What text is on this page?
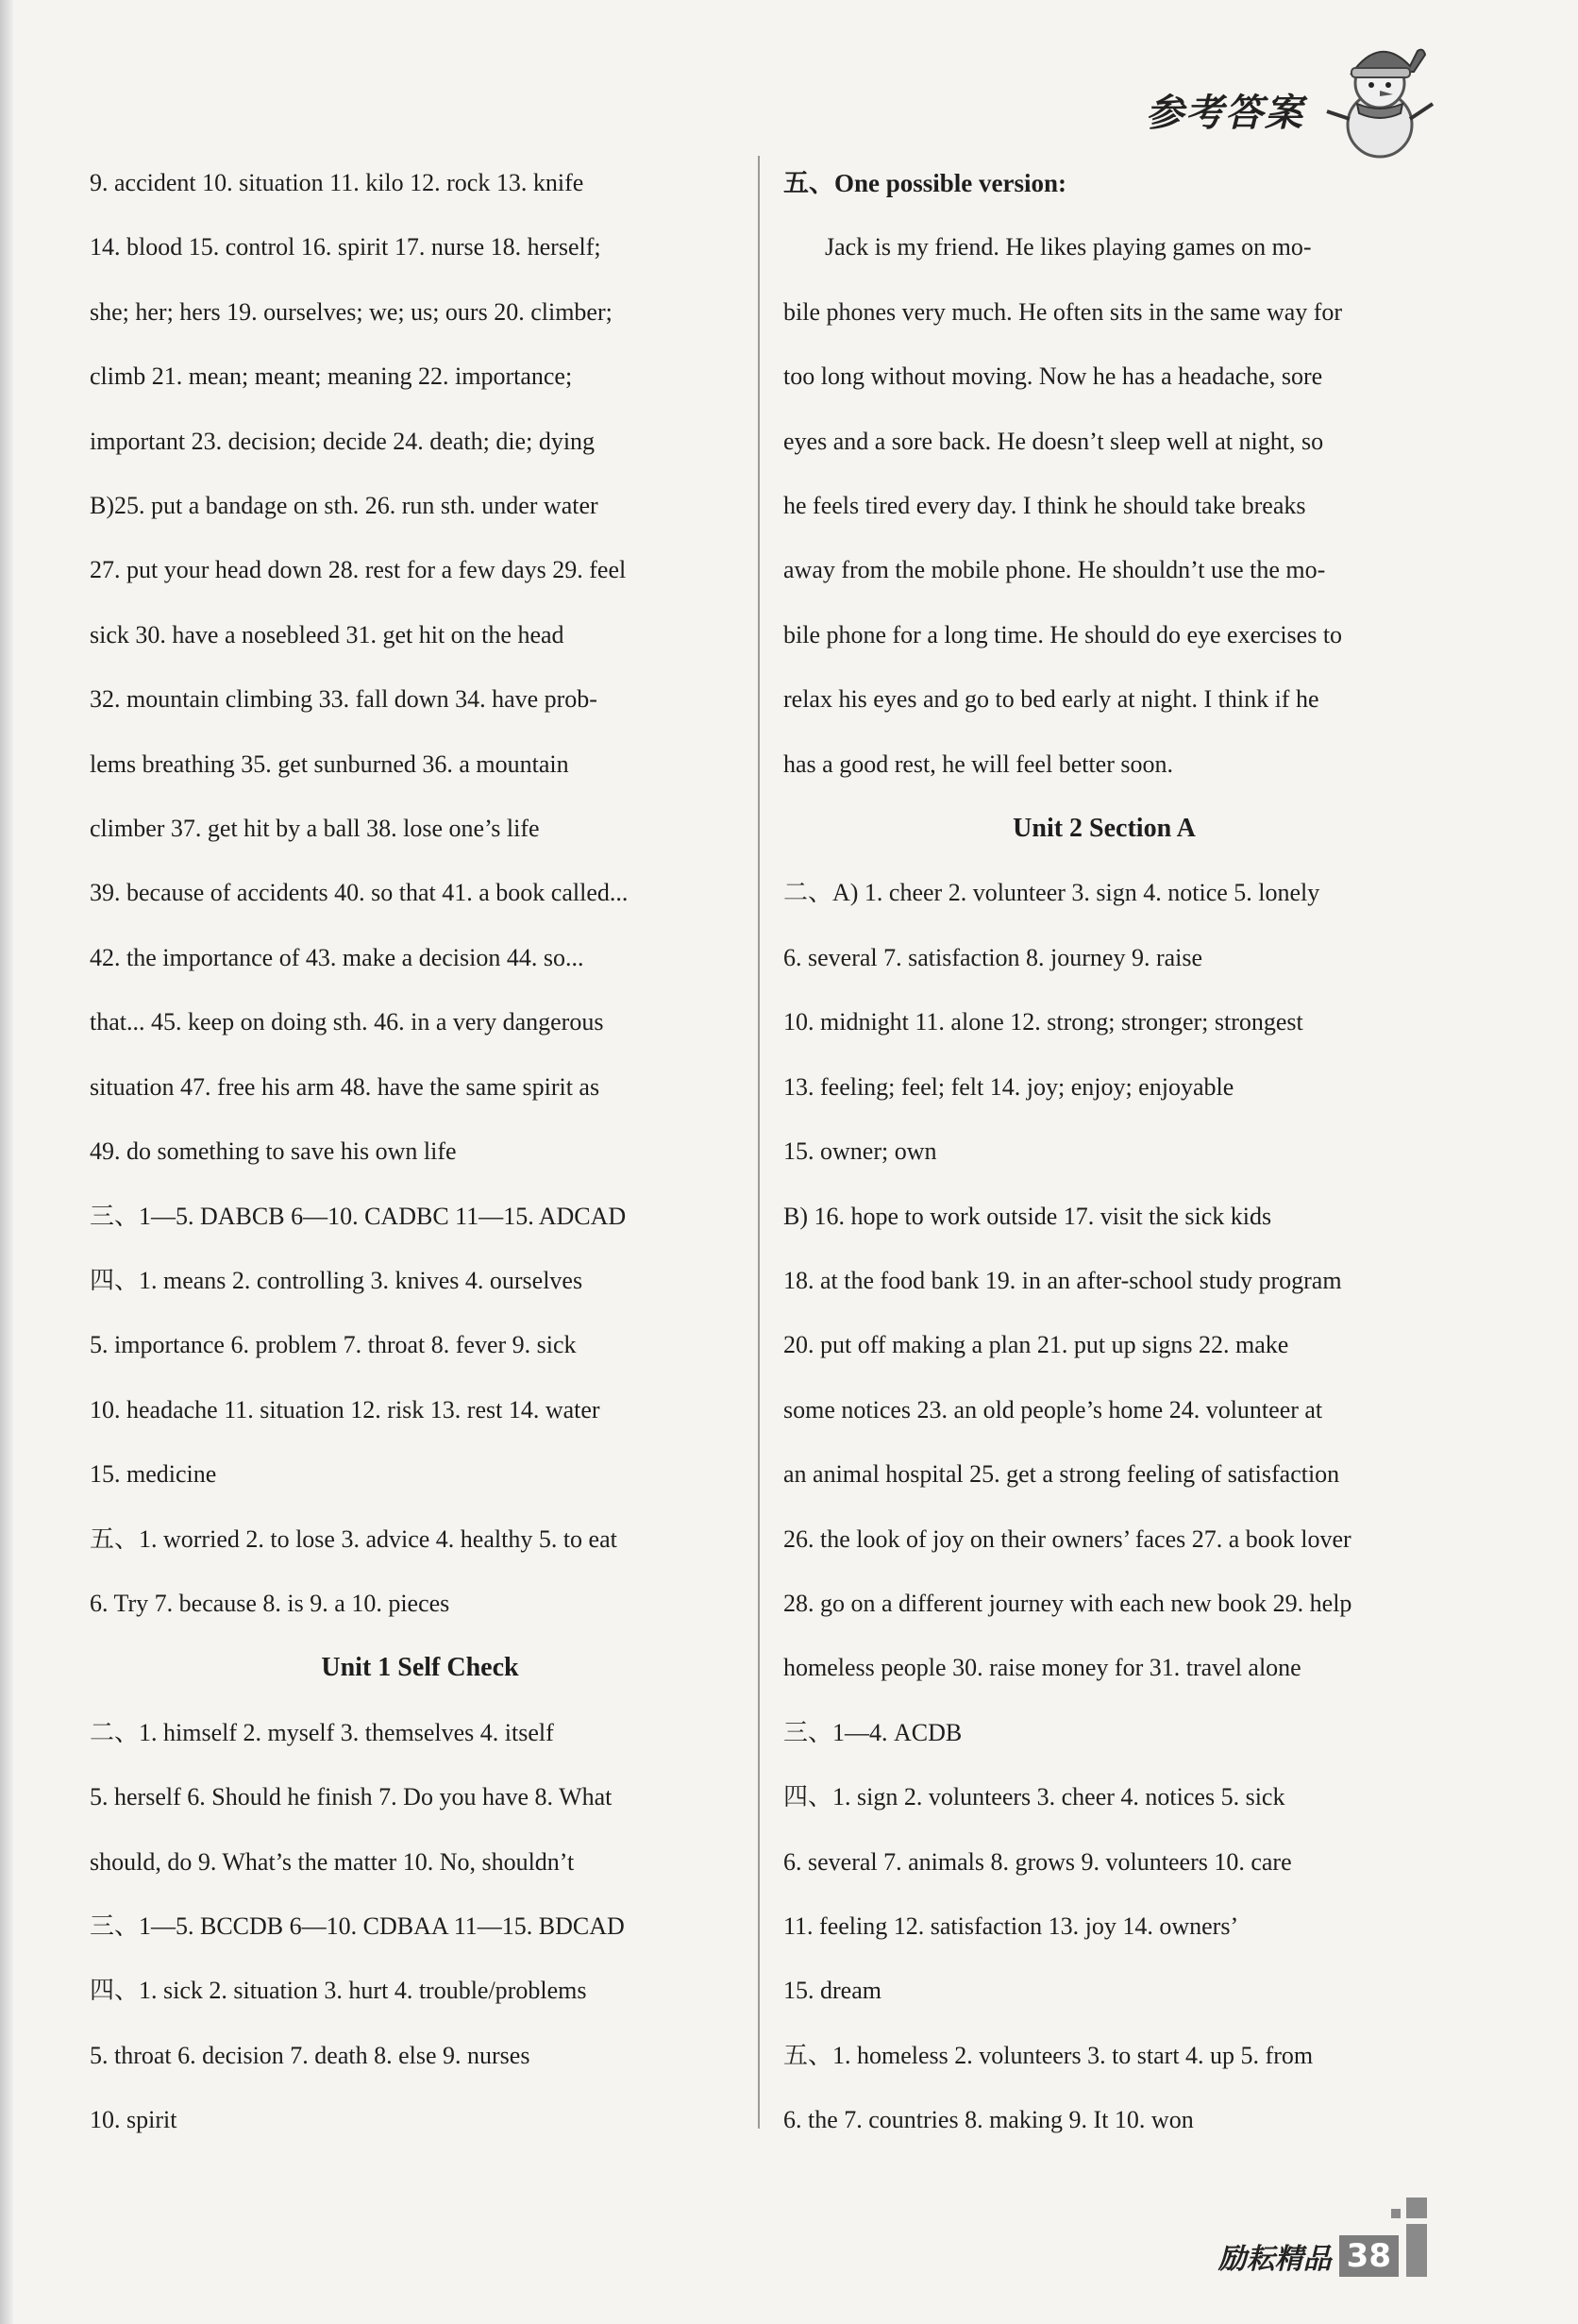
参考答案
9. accident 10. situation 11. kilo 12. rock 13. knife
14. blood 15. control 16. spirit 17. nurse 18. herself;
she; her; hers 19. ourselves; we; us; ours 20. climber;
climb 21. mean; meant; meaning 22. importance;
important 23. decision; decide 24. death; die; dying
B)25. put a bandage on sth. 26. run sth. under water
27. put your head down 28. rest for a few days 29. feel
sick 30. have a nosebleed 31. get hit on the head
32. mountain climbing 33. fall down 34. have prob-
lems breathing 35. get sunburned 36. a mountain
climber 37. get hit by a ball 38. lose one’s life
39. because of accidents 40. so that 41. a book called...
42. the importance of 43. make a decision 44. so...
that... 45. keep on doing sth. 46. in a very dangerous
situation 47. free his arm 48. have the same spirit as
49. do something to save his own life
三、1—5. DABCB 6—10. CADBC 11—15. ADCAD
四、1. means 2. controlling 3. knives 4. ourselves
5. importance 6. problem 7. throat 8. fever 9. sick
10. headache 11. situation 12. risk 13. rest 14. water
15. medicine
五、1. worried 2. to lose 3. advice 4. healthy 5. to eat
6. Try 7. because 8. is 9. a 10. pieces
Unit 1 Self Check
二、1. himself 2. myself 3. themselves 4. itself
5. herself 6. Should he finish 7. Do you have 8. What
should, do 9. What’s the matter 10. No, shouldn’t
三、1—5. BCCDB 6—10. CDBAA 11—15. BDCAD
四、1. sick 2. situation 3. hurt 4. trouble/problems
5. throat 6. decision 7. death 8. else 9. nurses
10. spirit
五、One possible version:
Jack is my friend. He likes playing games on mo-
bile phones very much. He often sits in the same way for
too long without moving. Now he has a headache, sore
eyes and a sore back. He doesn’t sleep well at night, so
he feels tired every day. I think he should take breaks
away from the mobile phone. He shouldn’t use the mo-
bile phone for a long time. He should do eye exercises to
relax his eyes and go to bed early at night. I think if he
has a good rest, he will feel better soon.
Unit 2 Section A
二、A) 1. cheer 2. volunteer 3. sign 4. notice 5. lonely
6. several 7. satisfaction 8. journey 9. raise
10. midnight 11. alone 12. strong; stronger; strongest
13. feeling; feel; felt 14. joy; enjoy; enjoyable
15. owner; own
B) 16. hope to work outside 17. visit the sick kids
18. at the food bank 19. in an after-school study program
20. put off making a plan 21. put up signs 22. make
some notices 23. an old people’s home 24. volunteer at
an animal hospital 25. get a strong feeling of satisfaction
26. the look of joy on their owners’ faces 27. a book lover
28. go on a different journey with each new book 29. help
homeless people 30. raise money for 31. travel alone
三、1—4. ACDB
四、1. sign 2. volunteers 3. cheer 4. notices 5. sick
6. several 7. animals 8. grows 9. volunteers 10. care
11. feeling 12. satisfaction 13. joy 14. owners’
15. dream
五、1. homeless 2. volunteers 3. to start 4. up 5. from
6. the 7. countries 8. making 9. It 10. won
励耘精品 38
